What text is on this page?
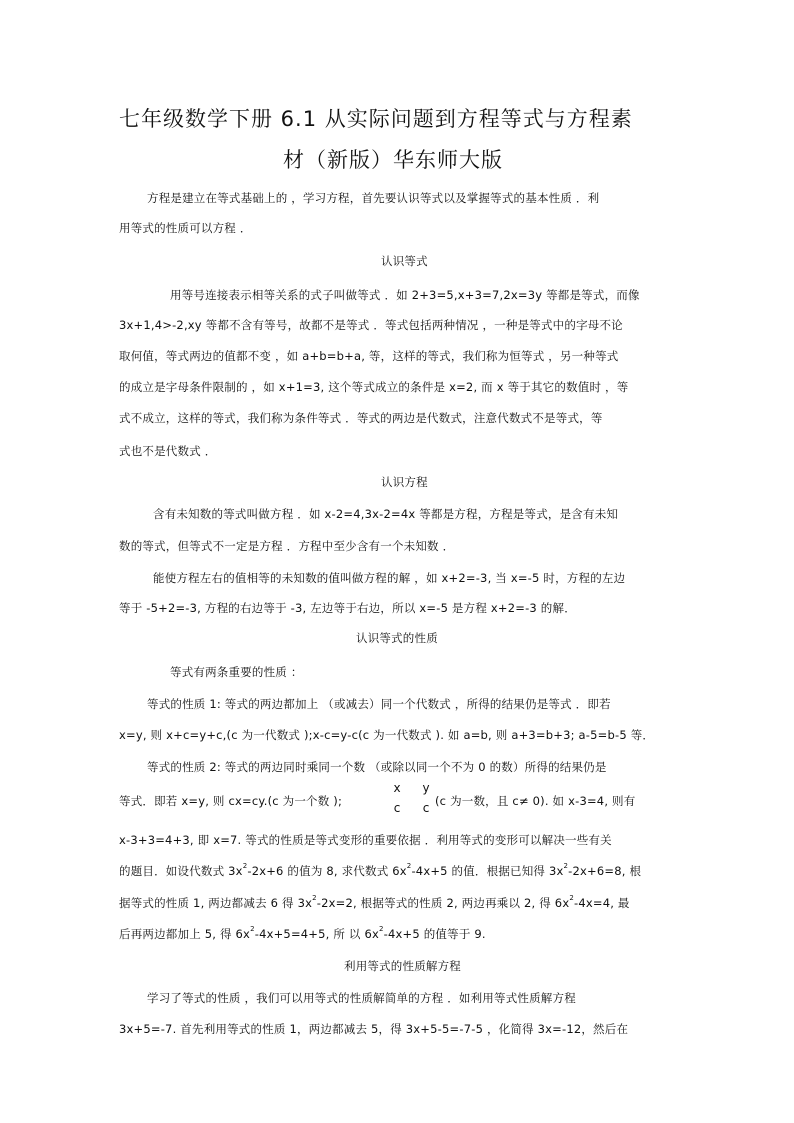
七年级数学下册 6.1 从实际问题到方程等式与方程素
材（新版）华东师大版
方程是建立在等式基础上的 ，学习方程，首先要认识等式以及掌握等式的基本性质 ．利
用等式的性质可以方程 ．
认识等式
用等号连接表示相等关系的式子叫做等式 ．如 2+3=5,x+3=7,2x=3y 等都是等式，而像
3x+1,4>-2,xy 等都不含有等号，故都不是等式 ．等式包括两种情况 ，一种是等式中的字母不论
取何值，等式两边的值都不变 ，如 a+b=b+a, 等，这样的等式，我们称为恒等式 ，另一种等式
的成立是字母条件限制的 ，如 x+1=3, 这个等式成立的条件是 x=2, 而 x 等于其它的数值时 ，等
式不成立，这样的等式，我们称为条件等式 ．等式的两边是代数式，注意代数式不是等式，等
式也不是代数式 ．
认识方程
含有未知数的等式叫做方程 ．如 x-2=4,3x-2=4x 等都是方程，方程是等式，是含有未知
数的等式，但等式不一定是方程 ．方程中至少含有一个未知数 ．
能使方程左右的值相等的未知数的值叫做方程的解 ，如 x+2=-3, 当 x=-5 时，方程的左边
等于 -5+2=-3, 方程的右边等于 -3, 左边等于右边，所以 x=-5 是方程 x+2=-3 的解．
认识等式的性质
等式有两条重要的性质 ：
等式的性质 1: 等式的两边都加上 （或减去）同一个代数式 ，所得的结果仍是等式 ．即若
x=y, 则 x+c=y+c,(c 为一代数式 );x-c=y-c(c 为一代数式 ). 如 a=b, 则 a+3=b+3; a-5=b-5 等．
等式的性质 2: 等式的两边同时乘同一个数 （或除以同一个不为 0 的数）所得的结果仍是
等式．即若 x=y, 则 cx=cy.(c 为一个数 );
x
c
y
c (c 为一数，且 c≠ 0). 如 x-3=4, 则有
x-3+3=4+3, 即 x=7. 等式的性质是等式变形的重要依据 ．利用等式的变形可以解决一些有关
的题目．如设代数式 $3x^2-2x+6$ 的值为 8, 求代数式 $6x^2-4x+5$ 的值．根据已知得 $3x^2-2x+6=8$, 根
据等式的性质 1, 两边都减去 6 得 $3x^2-2x=2$, 根据等式的性质 2, 两边再乘以 2, 得 $6x^2-4x=4$, 最
后再两边都加上 5, 得 $6x^2-4x+5=4+5$, 所 以 $6x^2-4x+5$ 的值等于 9.
利用等式的性质解方程
学习了等式的性质 ，我们可以用等式的性质解简单的方程 ．如利用等式性质解方程
3x+5=-7. 首先利用等式的性质 1，两边都减去 5，得 3x+5-5=-7-5 ，化简得 3x=-12，然后在
